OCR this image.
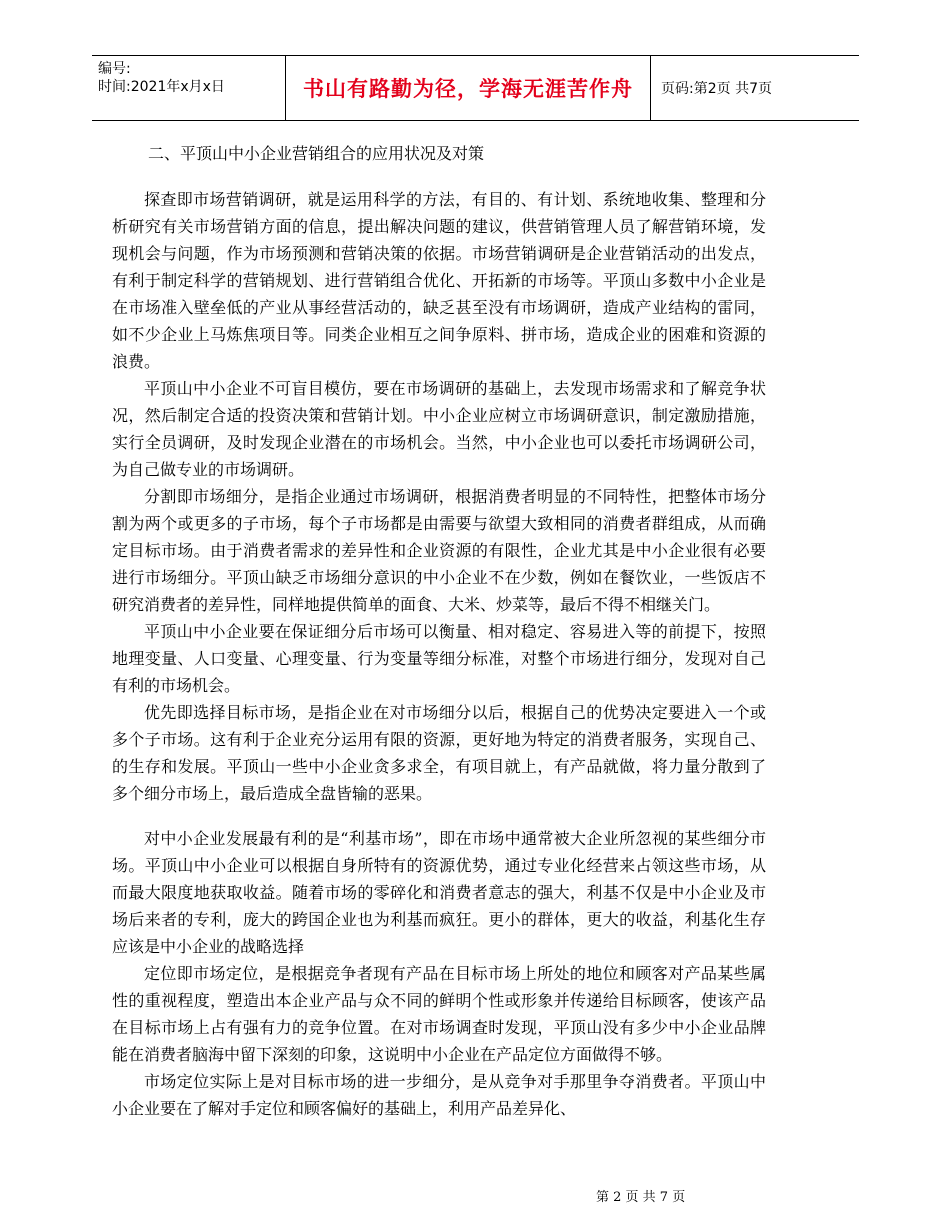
编号:
时间:2021年x月x日	书山有路勤为径，学海无涯苦作舟	页码:第2页 共7页

二、平顶山中小企业营销组合的应用状况及对策

探查即市场营销调研，就是运用科学的方法，有目的、有计划、系统地收集、整理和分析研究有关市场营销方面的信息，提出解决问题的建议，供营销管理人员了解营销环境，发现机会与问题，作为市场预测和营销决策的依据。市场营销调研是企业营销活动的出发点，有利于制定科学的营销规划、进行营销组合优化、开拓新的市场等。平顶山多数中小企业是在市场准入壁垒低的产业从事经营活动的，缺乏甚至没有市场调研，造成产业结构的雷同，如不少企业上马炼焦项目等。同类企业相互之间争原料、拼市场，造成企业的困难和资源的浪费。

平顶山中小企业不可盲目模仿，要在市场调研的基础上，去发现市场需求和了解竞争状况，然后制定合适的投资决策和营销计划。中小企业应树立市场调研意识，制定激励措施，实行全员调研，及时发现企业潜在的市场机会。当然，中小企业也可以委托市场调研公司，为自己做专业的市场调研。

分割即市场细分，是指企业通过市场调研，根据消费者明显的不同特性，把整体市场分割为两个或更多的子市场，每个子市场都是由需要与欲望大致相同的消费者群组成，从而确定目标市场。由于消费者需求的差异性和企业资源的有限性，企业尤其是中小企业很有必要进行市场细分。平顶山缺乏市场细分意识的中小企业不在少数，例如在餐饮业，一些饭店不研究消费者的差异性，同样地提供简单的面食、大米、炒菜等，最后不得不相继关门。

平顶山中小企业要在保证细分后市场可以衡量、相对稳定、容易进入等的前提下，按照地理变量、人口变量、心理变量、行为变量等细分标准，对整个市场进行细分，发现对自己有利的市场机会。

优先即选择目标市场，是指企业在对市场细分以后，根据自己的优势决定要进入一个或多个子市场。这有利于企业充分运用有限的资源，更好地为特定的消费者服务，实现自己、的生存和发展。平顶山一些中小企业贪多求全，有项目就上，有产品就做，将力量分散到了多个细分市场上，最后造成全盘皆输的恶果。

对中小企业发展最有利的是“利基市场”，即在市场中通常被大企业所忽视的某些细分市场。平顶山中小企业可以根据自身所特有的资源优势，通过专业化经营来占领这些市场，从而最大限度地获取收益。随着市场的零碎化和消费者意志的强大，利基不仅是中小企业及市场后来者的专利，庞大的跨国企业也为利基而疯狂。更小的群体，更大的收益，利基化生存应该是中小企业的战略选择

定位即市场定位，是根据竞争者现有产品在目标市场上所处的地位和顾客对产品某些属性的重视程度，塑造出本企业产品与众不同的鲜明个性或形象并传递给目标顾客，使该产品在目标市场上占有强有力的竞争位置。在对市场调查时发现，平顶山没有多少中小企业品牌能在消费者脑海中留下深刻的印象，这说明中小企业在产品定位方面做得不够。

市场定位实际上是对目标市场的进一步细分，是从竞争对手那里争夺消费者。平顶山中小企业要在了解对手定位和顾客偏好的基础上，利用产品差异化、

第 2 页 共 7 页
